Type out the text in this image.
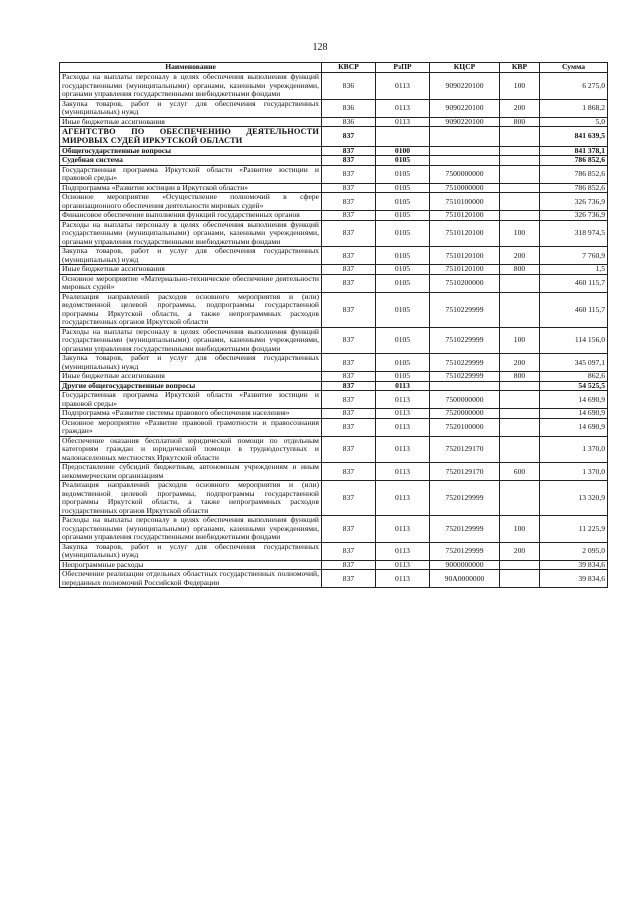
128
Наименование	КВСР	РзПР	КЦСР	КВР	Сумма
Расходы на выплаты персоналу в целях обеспечения выполнения функций государственными (муниципальными) органами, казенными учреждениями, органами управления государственными внебюджетными фондами	836	0113	9090220100	100	6 275,0
Закупка товаров, работ и услуг для обеспечения государственных (муниципальных) нужд	836	0113	9090220100	200	1 868,2
Иные бюджетные ассигнования	836	0113	9090220100	800	5,0
АГЕНТСТВО ПО ОБЕСПЕЧЕНИЮ ДЕЯТЕЛЬНОСТИ МИРОВЫХ СУДЕЙ ИРКУТСКОЙ ОБЛАСТИ	837				841 639,5
Общегосударственные вопросы	837	0100			841 378,1
Судебная система	837	0105			786 852,6
Государственная программа Иркутской области «Развитие юстиции и правовой среды»	837	0105	7500000000		786 852,6
Подпрограмма «Развитие юстиции в Иркутской области»	837	0105	7510000000		786 852,6
Основное мероприятие «Осуществление полномочий в сфере организационного обеспечения деятельности мировых судей»	837	0105	7510100000		326 736,9
Финансовое обеспечение выполнения функций государственных органов	837	0105	7510120100		326 736,9
Расходы на выплаты персоналу в целях обеспечения выполнения функций государственными (муниципальными) органами, казенными учреждениями, органами управления государственными внебюджетными фондами	837	0105	7510120100	100	318 974,5
Закупка товаров, работ и услуг для обеспечения государственных (муниципальных) нужд	837	0105	7510120100	200	7 760,9
Иные бюджетные ассигнования	837	0105	7510120100	800	1,5
Основное мероприятие «Материально-техническое обеспечение деятельности мировых судей»	837	0105	7510200000		460 115,7
Реализация направлений расходов основного мероприятия и (или) ведомственной целевой программы, подпрограммы государственной программы Иркутской области, а также непрограммных расходов государственных органов Иркутской области	837	0105	7510229999		460 115,7
Расходы на выплаты персоналу в целях обеспечения выполнения функций государственными (муниципальными) органами, казенными учреждениями, органами управления государственными внебюджетными фондами	837	0105	7510229999	100	114 156,0
Закупка товаров, работ и услуг для обеспечения государственных (муниципальных) нужд	837	0105	7510229999	200	345 097,1
Иные бюджетные ассигнования	837	0105	7510229999	800	862,6
Другие общегосударственные вопросы	837	0113			54 525,5
Государственная программа Иркутской области «Развитие юстиции и правовой среды»	837	0113	7500000000		14 690,9
Подпрограмма «Развитие системы правового обеспечения населения»	837	0113	7520000000		14 690,9
Основное мероприятие «Развитие правовой грамотности и правосознания граждан»	837	0113	7520100000		14 690,9
Обеспечение оказания бесплатной юридической помощи по отдельным категориям граждан и юридической помощи в труднодоступных и малонаселенных местностях Иркутской области	837	0113	7520129170		1 370,0
Предоставление субсидий бюджетным, автономным учреждениям и иным некоммерческим организациям	837	0113	7520129170	600	1 370,0
Реализация направлений расходов основного мероприятия и (или) ведомственной целевой программы, подпрограммы государственной программы Иркутской области, а также непрограммных расходов государственных органов Иркутской области	837	0113	7520129999		13 320,9
Расходы на выплаты персоналу в целях обеспечения выполнения функций государственными (муниципальными) органами, казенными учреждениями, органами управления государственными внебюджетными фондами	837	0113	7520129999	100	11 225,9
Закупка товаров, работ и услуг для обеспечения государственных (муниципальных) нужд	837	0113	7520129999	200	2 095,0
Непрограммные расходы	837	0113	9000000000		39 834,6
Обеспечение реализации отдельных областных государственных полномочий, переданных полномочий Российской Федерации	837	0113	90А0000000		39 834,6
